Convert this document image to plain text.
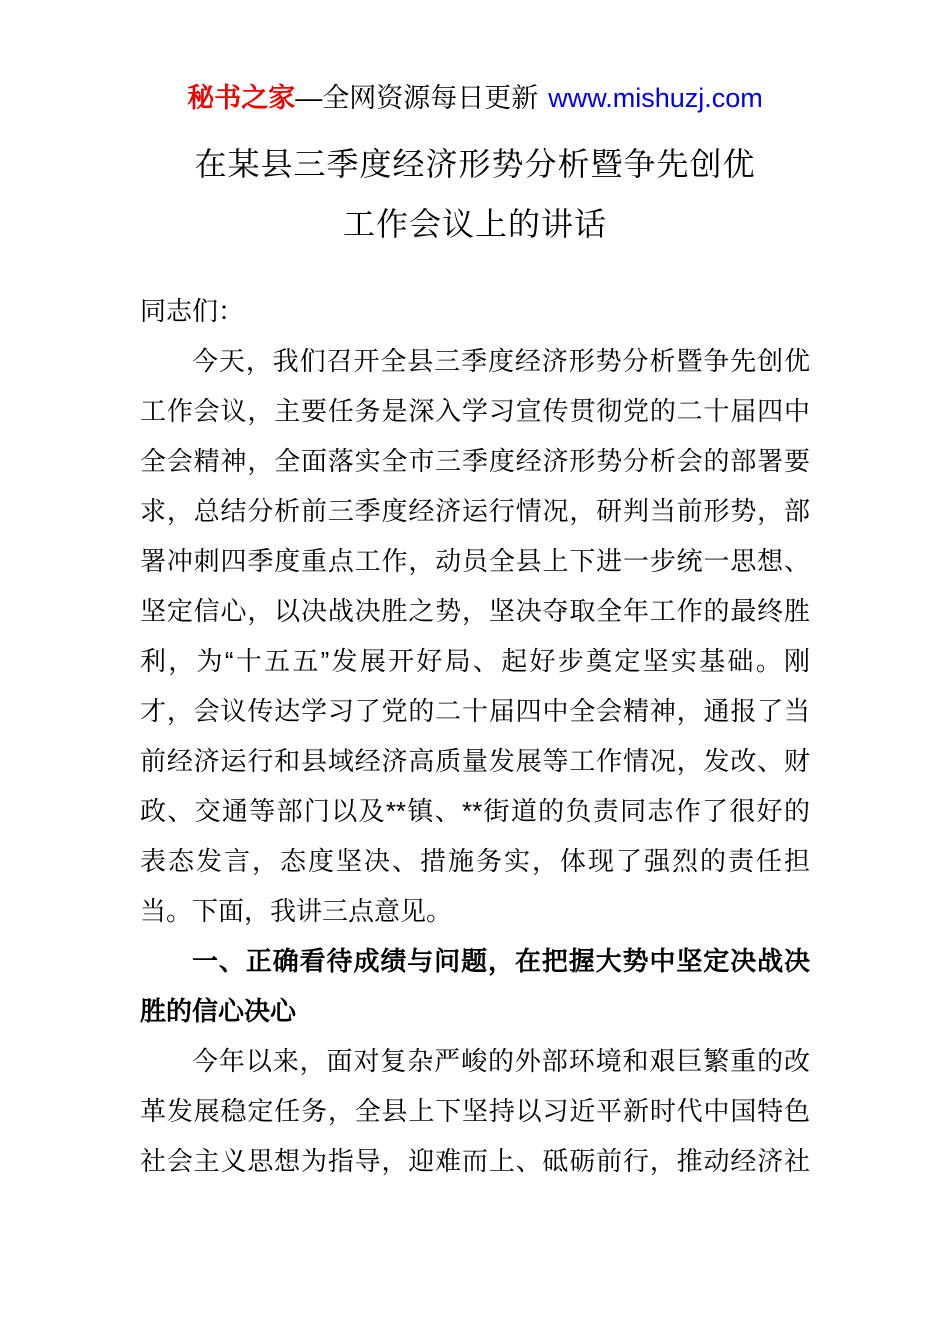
秘书之家—全网资源每日更新 www.mishuzj.com
在某县三季度经济形势分析暨争先创优
工作会议上的讲话
同志们：
今天，我们召开全县三季度经济形势分析暨争先创优
工作会议，主要任务是深入学习宣传贯彻党的二十届四中
全会精神，全面落实全市三季度经济形势分析会的部署要
求，总结分析前三季度经济运行情况，研判当前形势，部
署冲刺四季度重点工作，动员全县上下进一步统一思想、
坚定信心，以决战决胜之势，坚决夺取全年工作的最终胜
利，为“十五五”发展开好局、起好步奠定坚实基础。刚
才，会议传达学习了党的二十届四中全会精神，通报了当
前经济运行和县域经济高质量发展等工作情况，发改、财
政、交通等部门以及**镇、**街道的负责同志作了很好的
表态发言，态度坚决、措施务实，体现了强烈的责任担
当。下面，我讲三点意见。
一、正确看待成绩与问题，在把握大势中坚定决战决
胜的信心决心
今年以来，面对复杂严峻的外部环境和艰巨繁重的改
革发展稳定任务，全县上下坚持以习近平新时代中国特色
社会主义思想为指导，迎难而上、砥砺前行，推动经济社
